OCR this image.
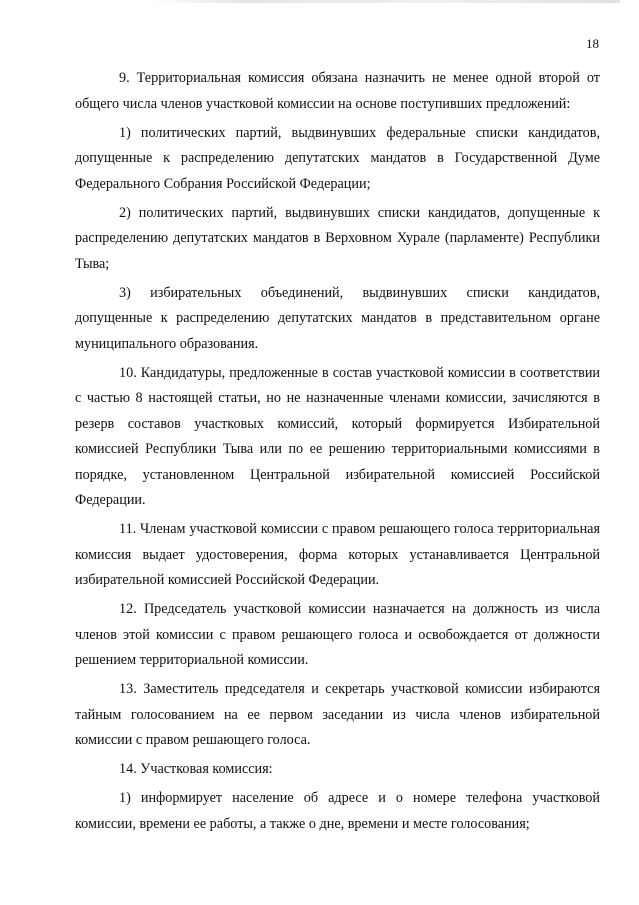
18

9. Территориальная комиссия обязана назначить не менее одной второй от общего числа членов участковой комиссии на основе поступивших предложений:

1) политических партий, выдвинувших федеральные списки кандидатов, допущенные к распределению депутатских мандатов в Государственной Думе Федерального Собрания Российской Федерации;

2) политических партий, выдвинувших списки кандидатов, допущенные к распределению депутатских мандатов в Верховном Хурале (парламенте) Республики Тыва;

3) избирательных объединений, выдвинувших списки кандидатов, допущенные к распределению депутатских мандатов в представительном органе муниципального образования.

10. Кандидатуры, предложенные в состав участковой комиссии в соответствии с частью 8 настоящей статьи, но не назначенные членами комиссии, зачисляются в резерв составов участковых комиссий, который формируется Избирательной комиссией Республики Тыва или по ее решению территориальными комиссиями в порядке, установленном Центральной избирательной комиссией Российской Федерации.

11. Членам участковой комиссии с правом решающего голоса территориальная комиссия выдает удостоверения, форма которых устанавливается Центральной избирательной комиссией Российской Федерации.

12. Председатель участковой комиссии назначается на должность из числа членов этой комиссии с правом решающего голоса и освобождается от должности решением территориальной комиссии.

13. Заместитель председателя и секретарь участковой комиссии избираются тайным голосованием на ее первом заседании из числа членов избирательной комиссии с правом решающего голоса.

14. Участковая комиссия:

1) информирует население об адресе и о номере телефона участковой комиссии, времени ее работы, а также о дне, времени и месте голосования;
